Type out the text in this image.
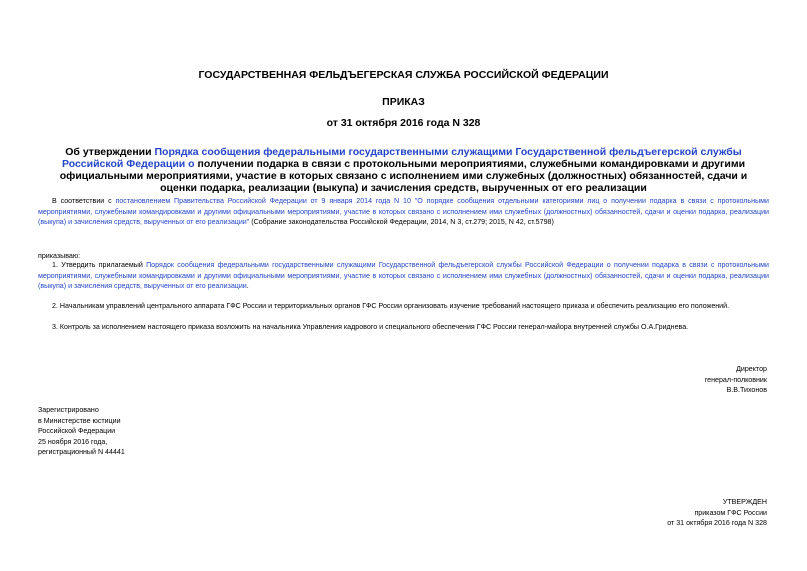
ГОСУДАРСТВЕННАЯ ФЕЛЬДЪЕГЕРСКАЯ СЛУЖБА РОССИЙСКОЙ ФЕДЕРАЦИИ
ПРИКАЗ
от 31 октября 2016 года N 328
Об утверждении Порядка сообщения федеральными государственными служащими Государственной фельдъегерской службы Российской Федерации о получении подарка в связи с протокольными мероприятиями, служебными командировками и другими официальными мероприятиями, участие в которых связано с исполнением ими служебных (должностных) обязанностей, сдачи и оценки подарка, реализации (выкупа) и зачисления средств, вырученных от его реализации
В соответствии с постановлением Правительства Российской Федерации от 9 января 2014 года N 10 "О порядке сообщения отдельными категориями лиц о получении подарка в связи с протокольными мероприятиями, служебными командировками и другими официальными мероприятиями, участие в которых связано с исполнением ими служебных (должностных) обязанностей, сдачи и оценки подарка, реализации (выкупа) и зачисления средств, вырученных от его реализации" (Собрание законодательства Российской Федерации, 2014, N 3, ст.279; 2015, N 42, ст.5798)
приказываю:
1. Утвердить прилагаемый Порядок сообщения федеральными государственными служащими Государственной фельдъегерской службы Российской Федерации о получении подарка в связи с протокольными мероприятиями, служебными командировками и другими официальными мероприятиями, участие в которых связано с исполнением ими служебных (должностных) обязанностей, сдачи и оценки подарка, реализации (выкупа) и зачисления средств, вырученных от его реализации.
2. Начальникам управлений центрального аппарата ГФС России и территориальных органов ГФС России организовать изучение требований настоящего приказа и обеспечить реализацию его положений.
3. Контроль за исполнением настоящего приказа возложить на начальника Управления кадрового и специального обеспечения ГФС России генерал-майора внутренней службы О.А.Гриднева.
Директор
генерал-полковник
В.В.Тихонов
Зарегистрировано
в Министерстве юстиции
Российской Федерации
25 ноября 2016 года,
регистрационный N 44441
УТВЕРЖДЕН
приказом ГФС России
от 31 октября 2016 года N 328
